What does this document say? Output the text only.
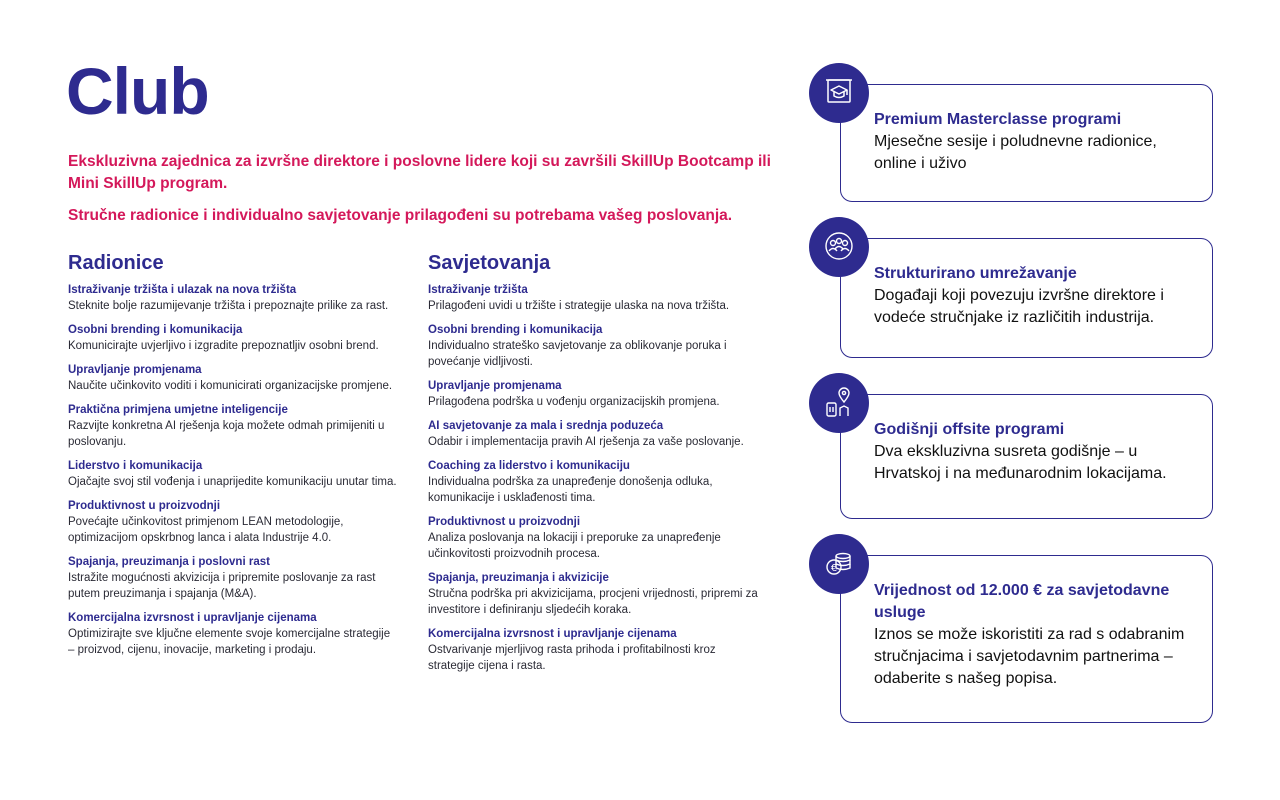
Club

Ekskluzivna zajednica za izvršne direktore i poslovne lidere koji su završili SkillUp Bootcamp ili Mini SkillUp program.

Stručne radionice i individualno savjetovanje prilagođeni su potrebama vašeg poslovanja.

Radionice
Istraživanje tržišta i ulazak na nova tržišta
Steknite bolje razumijevanje tržišta i prepoznajte prilike za rast.
Osobni brending i komunikacija
Komunicirajte uvjerljivo i izgradite prepoznatljiv osobni brend.
Upravljanje promjenama
Naučite učinkovito voditi i komunicirati organizacijske promjene.
Praktična primjena umjetne inteligencije
Razvijte konkretna AI rješenja koja možete odmah primijeniti u poslovanju.
Liderstvo i komunikacija
Ojačajte svoj stil vođenja i unaprijedite komunikaciju unutar tima.
Produktivnost u proizvodnji
Povećajte učinkovitost primjenom LEAN metodologije, optimizacijom opskrbnog lanca i alata Industrije 4.0.
Spajanja, preuzimanja i poslovni rast
Istražite mogućnosti akvizicija i pripremite poslovanje za rast putem preuzimanja i spajanja (M&A).
Komercijalna izvrsnost i upravljanje cijenama
Optimizirajte sve ključne elemente svoje komercijalne strategije – proizvod, cijenu, inovacije, marketing i prodaju.
Savjetovanja
Istraživanje tržišta
Prilagođeni uvidi u tržište i strategije ulaska na nova tržišta.
Osobni brending i komunikacija
Individualno strateško savjetovanje za oblikovanje poruka i povećanje vidljivosti.
Upravljanje promjenama
Prilagođena podrška u vođenju organizacijskih promjena.
AI savjetovanje za mala i srednja poduzeća
Odabir i implementacija pravih AI rješenja za vaše poslovanje.
Coaching za liderstvo i komunikaciju
Individualna podrška za unapređenje donošenja odluka, komunikacije i usklađenosti tima.
Produktivnost u proizvodnji
Analiza poslovanja na lokaciji i preporuke za unapređenje učinkovitosti proizvodnih procesa.
Spajanja, preuzimanja i akvizicije
Stručna podrška pri akvizicijama, procjeni vrijednosti, pripremi za investitore i definiranju sljedećih koraka.
Komercijalna izvrsnost i upravljanje cijenama
Ostvarivanje mjerljivog rasta prihoda i profitabilnosti kroz strategije cijena i rasta.
Premium Masterclasse programi
Mjesečne sesije i poludnevne radionice, online i uživo
Strukturirano umrežavanje
Događaji koji povezuju izvršne direktore i vodeće stručnjake iz različitih industrija.
Godišnji offsite programi
Dva ekskluzivna susreta godišnje – u Hrvatskoj i na međunarodnim lokacijama.
Vrijednost od 12.000 € za savjetodavne usluge
Iznos se može iskoristiti za rad s odabranim stručnjacima i savjetodavnim partnerima – odaberite s našeg popisa.
€
